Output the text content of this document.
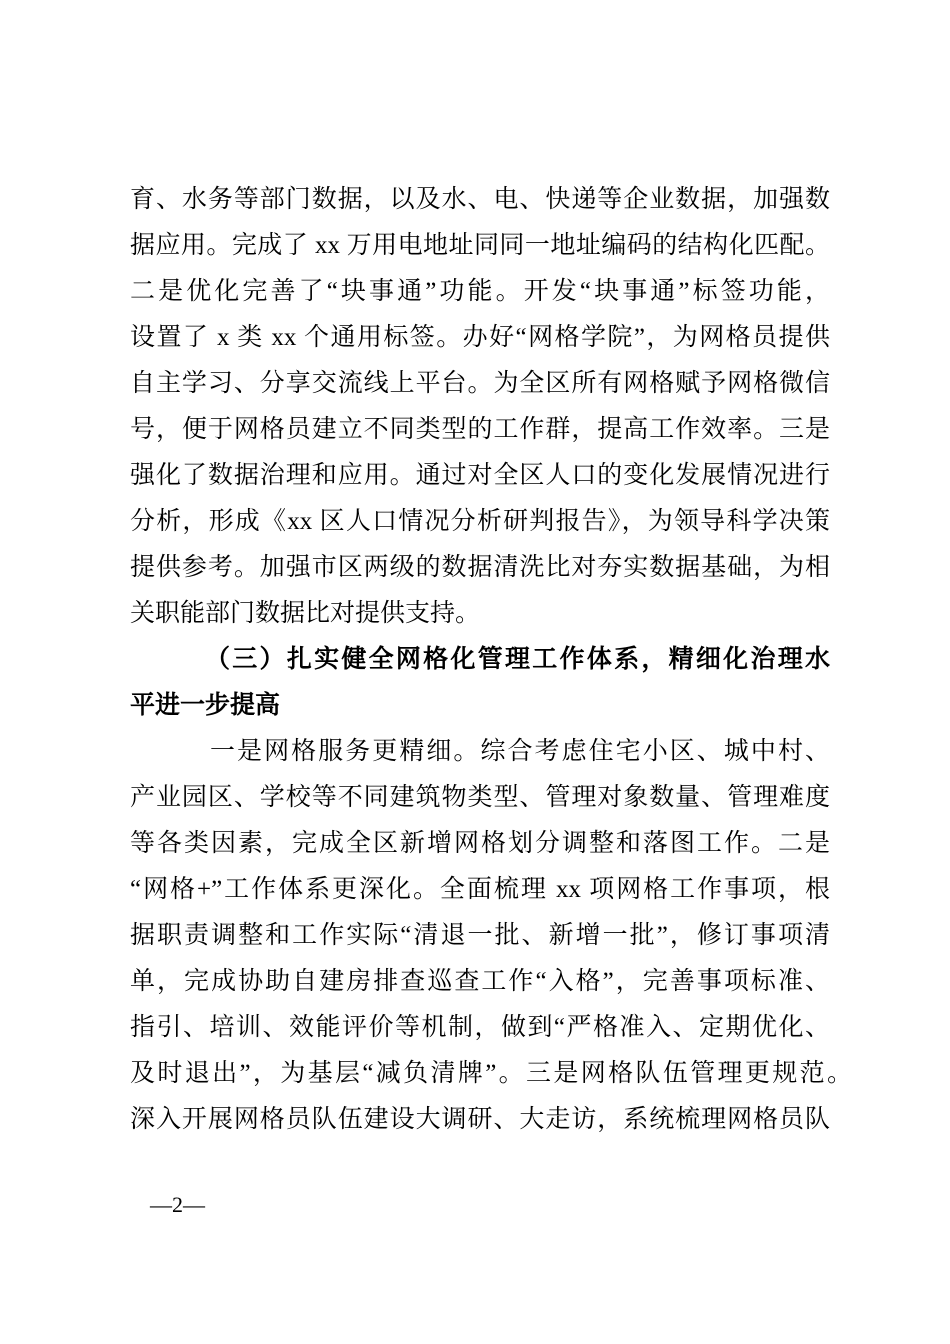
育、水务等部门数据，以及水、电、快递等企业数据，加强数
据应用。完成了 xx 万用电地址同同一地址编码的结构化匹配。
二是优化完善了“块事通”功能。开发“块事通”标签功能，
设置了 x 类 xx 个通用标签。办好“网格学院”，为网格员提供
自主学习、分享交流线上平台。为全区所有网格赋予网格微信
号，便于网格员建立不同类型的工作群，提高工作效率。三是
强化了数据治理和应用。通过对全区人口的变化发展情况进行
分析，形成《xx 区人口情况分析研判报告》，为领导科学决策
提供参考。加强市区两级的数据清洗比对夯实数据基础，为相
关职能部门数据比对提供支持。
（三）扎实健全网格化管理工作体系，精细化治理水
平进一步提高
一是网格服务更精细。综合考虑住宅小区、城中村、
产业园区、学校等不同建筑物类型、管理对象数量、管理难度
等各类因素，完成全区新增网格划分调整和落图工作。二是
“网格+”工作体系更深化。全面梳理 xx 项网格工作事项，根
据职责调整和工作实际“清退一批、新增一批”，修订事项清
单，完成协助自建房排查巡查工作“入格”，完善事项标准、
指引、培训、效能评价等机制，做到“严格准入、定期优化、
及时退出”，为基层“减负清牌”。三是网格队伍管理更规范。
深入开展网格员队伍建设大调研、大走访，系统梳理网格员队
—2—
